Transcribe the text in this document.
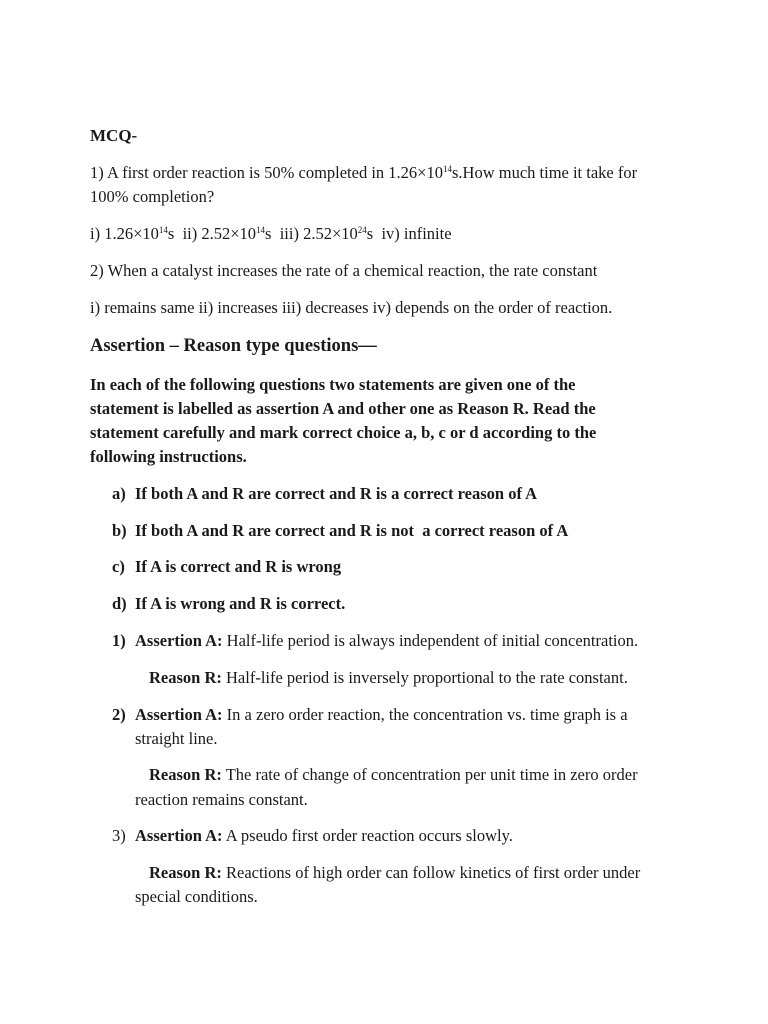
MCQ-
1) A first order reaction is 50% completed in $1.26\times 10^{14}s.How$ much time it take for
100% completion?
i) $1.26\times 10^{14}s$ ii) $2.52\times 10^{14}s$ iii) $2.52\times 10^{24}s$ iv) infinite
2) When a catalyst increases the rate of a chemical reaction, the rate constant
i) remains same ii) increases iii) decreases iv) depends on the order of reaction.
Assertion – Reason type questions—
In each of the following questions two statements are given one of the
statement is labelled as assertion A and other one as Reason R. Read the
statement carefully and mark correct choice a, b, c or d according to the
following instructions.
a) If both A and R are correct and R is a correct reason of A
b) If both A and R are correct and R is not  a correct reason of A
c) If A is correct and R is wrong
d) If A is wrong and R is correct.
1) Assertion A: Half-life period is always independent of initial concentration.
Reason R: Half-life period is inversely proportional to the rate constant.
2) Assertion A: In a zero order reaction, the concentration vs. time graph is a
straight line.
Reason R: The rate of change of concentration per unit time in zero order
reaction remains constant.
3) Assertion A: A pseudo first order reaction occurs slowly.
Reason R: Reactions of high order can follow kinetics of first order under
special conditions.
